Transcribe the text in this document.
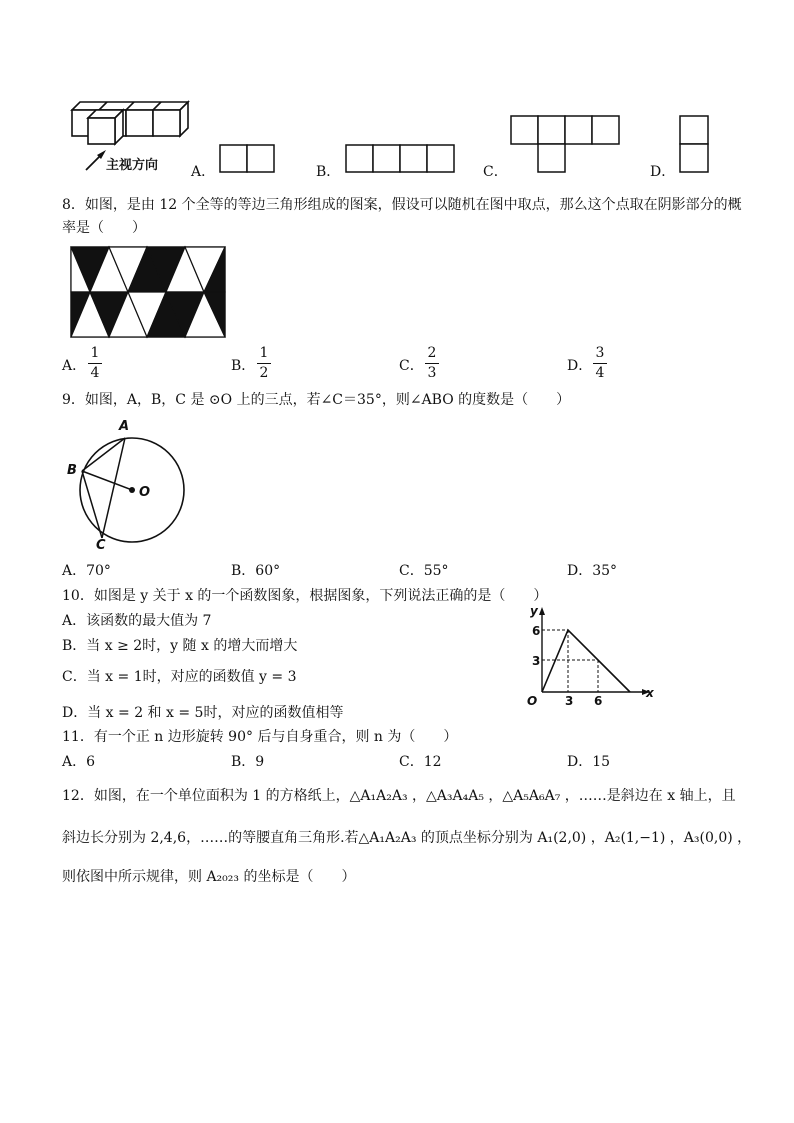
主视方向 A．	B．	C．	D．
8．如图，是由 12 个全等的等边三角形组成的图案，假设可以随机在图中取点，那么这个点取在阴影部分的概
率是（　　）
A．
1
4	B．
1
2	C．
2
3	D．
3
4
9．如图，A，B，C 是 ⊙O 上的三点，若∠C＝35°，则∠ABO 的度数是（　　）
A
B
O
C
A．70°	B．60°	C．55°	D．35°
10．如图是 y 关于 x 的一个函数图象，根据图象，下列说法正确的是（　　）
A．该函数的最大值为 7
B．当 x ≥ 2时，y 随 x 的增大而增大
C．当 x = 1时，对应的函数值 y = 3
D．当 x = 2 和 x = 5时，对应的函数值相等
y
x
O
6
3
3 6
11．有一个正 n 边形旋转 90° 后与自身重合，则 n 为（　　）
A．6	B．9	C．12	D．15
12．如图，在一个单位面积为 1 的方格纸上，△A₁A₂A₃ ，△A₃A₄A₅ ，△A₅A₆A₇ ，……是斜边在 x 轴上，且
斜边长分别为 2,4,6，……的等腰直角三角形.若△A₁A₂A₃ 的顶点坐标分别为 A₁(2,0) ，A₂(1,−1) ，A₃(0,0) ，
则依图中所示规律，则 A₂₀₂₃ 的坐标是（　　）
